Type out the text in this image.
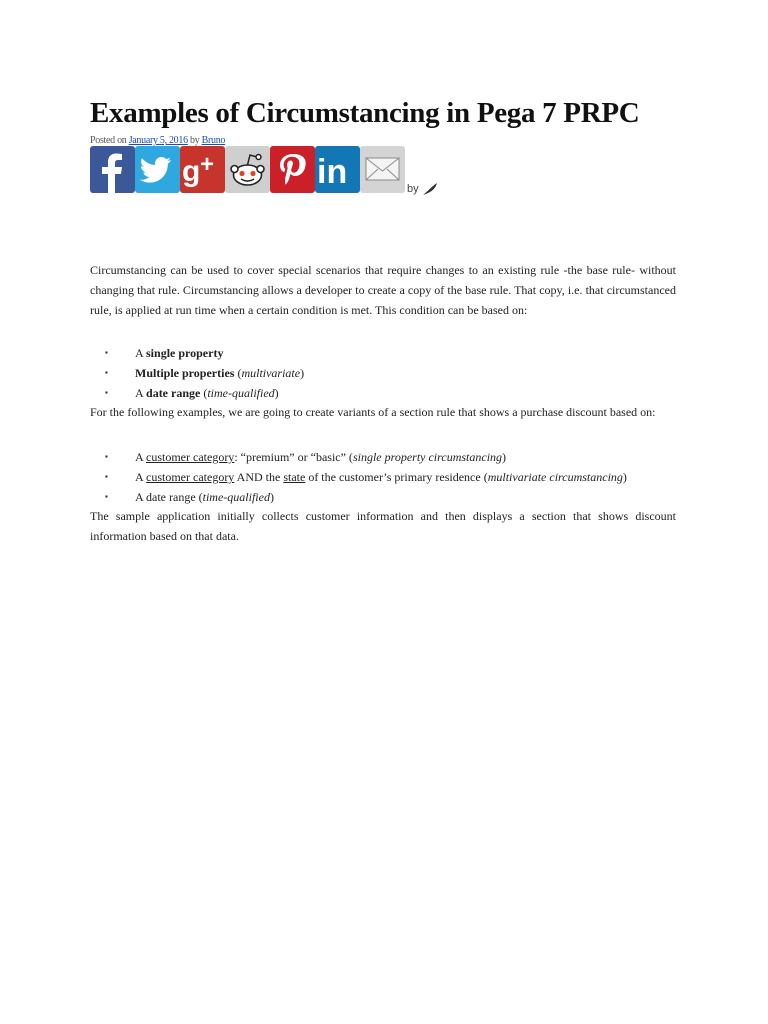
Examples of Circumstancing in Pega 7 PRPC
Posted on January 5, 2016 by Bruno
g +	in	by

Circumstancing can be used to cover special scenarios that require changes to an existing rule -the base rule- without changing that rule. Circumstancing allows a developer to create a copy of the base rule. That copy, i.e. that circumstanced rule, is applied at run time when a certain condition is met. This condition can be based on:

▪ A single property
▪ Multiple properties (multivariate)
▪ A date range (time-qualified)

For the following examples, we are going to create variants of a section rule that shows a purchase discount based on:

▪ A customer category: “premium” or “basic” (single property circumstancing)
▪ A customer category AND the state of the customer’s primary residence (multivariate circumstancing)
▪ A date range (time-qualified)

The sample application initially collects customer information and then displays a section that shows discount information based on that data.
